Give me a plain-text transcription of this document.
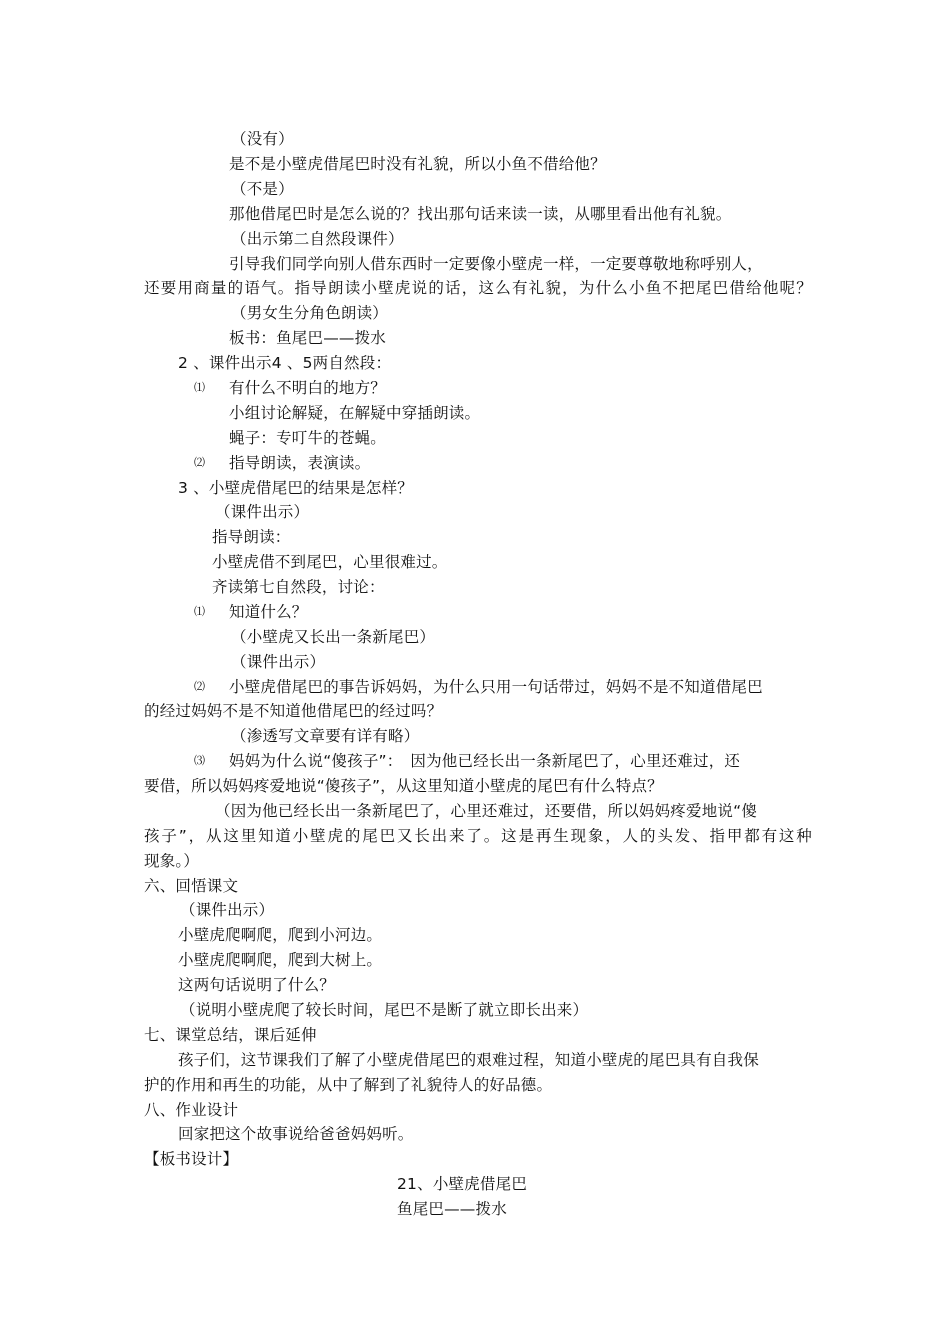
（没有）
是不是小壁虎借尾巴时没有礼貌，所以小鱼不借给他？
（不是）
那他借尾巴时是怎么说的？找出那句话来读一读，从哪里看出他有礼貌。
（出示第二自然段课件）
引导我们同学向别人借东西时一定要像小壁虎一样，一定要尊敬地称呼别人，
还要用商量的语气。指导朗读小壁虎说的话，这么有礼貌，为什么小鱼不把尾巴借给他呢？
（男女生分角色朗读）
板书：鱼尾巴——拨水
2 、课件出示4 、5两自然段：
⑴ 有什么不明白的地方？
小组讨论解疑，在解疑中穿插朗读。
蝇子：专叮牛的苍蝇。
⑵ 指导朗读，表演读。
3 、小壁虎借尾巴的结果是怎样？
（课件出示）
指导朗读：
小壁虎借不到尾巴，心里很难过。
齐读第七自然段，讨论：
⑴ 知道什么？
（小壁虎又长出一条新尾巴）
（课件出示）
⑵ 小壁虎借尾巴的事告诉妈妈，为什么只用一句话带过，妈妈不是不知道借尾巴
的经过妈妈不是不知道他借尾巴的经过吗？
（渗透写文章要有详有略）
⑶ 妈妈为什么说“傻孩子”：　因为他已经长出一条新尾巴了，心里还难过，还
要借，所以妈妈疼爱地说“傻孩子”，从这里知道小壁虎的尾巴有什么特点？
（因为他已经长出一条新尾巴了，心里还难过，还要借，所以妈妈疼爱地说“傻
孩子”，从这里知道小壁虎的尾巴又长出来了。这是再生现象，人的头发、指甲都有这种
现象。）
六、回悟课文
（课件出示）
小壁虎爬啊爬，爬到小河边。
小壁虎爬啊爬，爬到大树上。
这两句话说明了什么？
（说明小壁虎爬了较长时间，尾巴不是断了就立即长出来）
七、课堂总结，课后延伸
孩子们，这节课我们了解了小壁虎借尾巴的艰难过程，知道小壁虎的尾巴具有自我保
护的作用和再生的功能，从中了解到了礼貌待人的好品德。
八、作业设计
回家把这个故事说给爸爸妈妈听。
【板书设计】
21、小壁虎借尾巴
鱼尾巴——拨水
